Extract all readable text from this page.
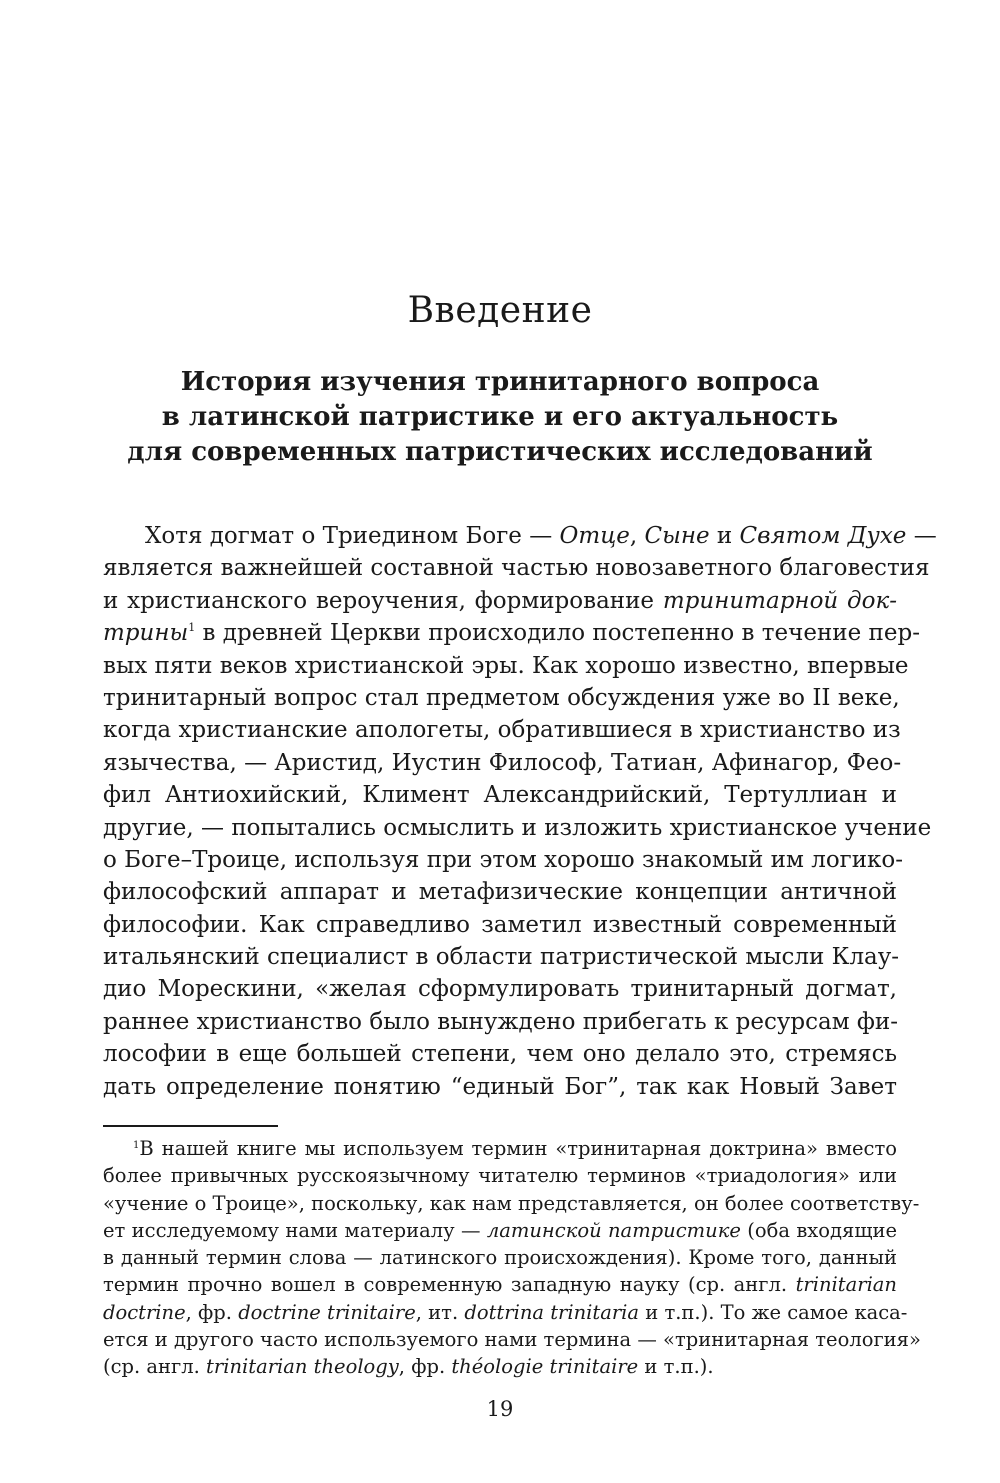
Введение
История изучения тринитарного вопроса
в латинской патристике и его актуальность
для современных патристических исследований
Хотя догмат о Триедином Боге — Отце, Сыне и Святом Духе —
является важнейшей составной частью новозаветного благовестия
и христианского вероучения, формирование тринитарной док-
трины$^1$ в древней Церкви происходило постепенно в течение пер-
вых пяти веков христианской эры. Как хорошо известно, впервые
тринитарный вопрос стал предметом обсуждения уже во II веке,
когда христианские апологеты, обратившиеся в христианство из
язычества, — Аристид, Иустин Философ, Татиан, Афинагор, Фео-
фил Антиохийский, Климент Александрийский, Тертуллиан и
другие, — попытались осмыслить и изложить христианское учение
о Боге–Троице, используя при этом хорошо знакомый им логико-
философский аппарат и метафизические концепции античной
философии. Как справедливо заметил известный современный
итальянский специалист в области патристической мысли Клау-
дио Морескини, «желая сформулировать тринитарный догмат,
раннее христианство было вынуждено прибегать к ресурсам фи-
лософии в еще большей степени, чем оно делало это, стремясь
дать определение понятию “единый Бог”, так как Новый Завет
$^1$В нашей книге мы используем термин «тринитарная доктрина» вместо
более привычных русскоязычному читателю терминов «триадология» или
«учение о Троице», поскольку, как нам представляется, он более соответству-
ет исследуемому нами материалу — латинской патристике (оба входящие
в данный термин слова — латинского происхождения). Кроме того, данный
термин прочно вошел в современную западную науку (ср. англ. trinitarian
doctrine, фр. doctrine trinitaire, ит. dottrina trinitaria и т.п.). То же самое каса-
ется и другого часто используемого нами термина — «тринитарная теология»
(ср. англ. trinitarian theology, фр. théologie trinitaire и т.п.).
19
